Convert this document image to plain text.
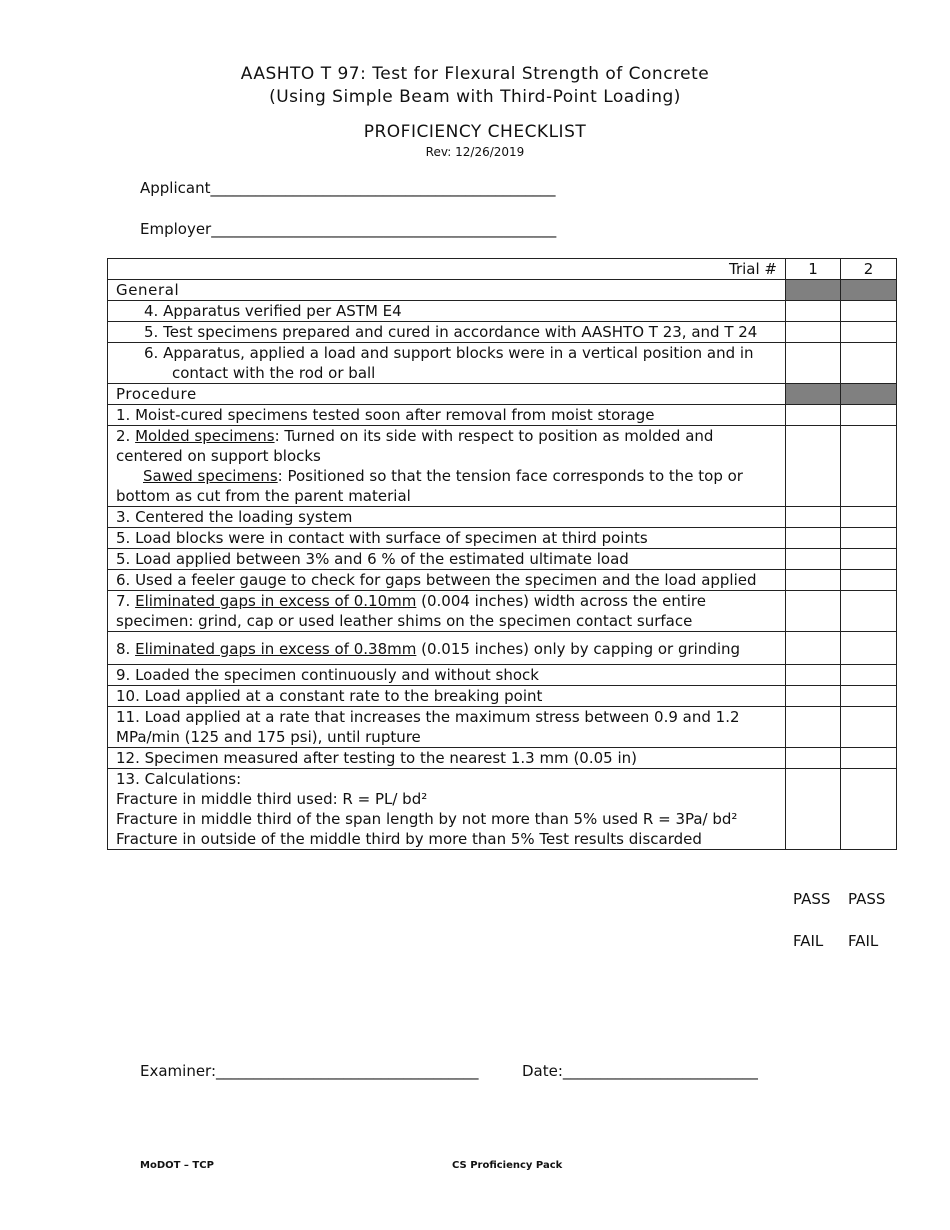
AASHTO T 97: Test for Flexural Strength of Concrete
(Using Simple Beam with Third-Point Loading)
PROFICIENCY CHECKLIST
Rev: 12/26/2019
Applicant______________________________________________
Employer______________________________________________
Trial #	1	2
General		
4. Apparatus verified per ASTM E4		
5. Test specimens prepared and cured in accordance with AASHTO T 23, and T 24		
6. Apparatus, applied a load and support blocks were in a vertical position and in contact with the rod or ball		
Procedure		
1. Moist-cured specimens tested soon after removal from moist storage		
2. Molded specimens: Turned on its side with respect to position as molded and centered on support blocks
Sawed specimens: Positioned so that the tension face corresponds to the top or bottom as cut from the parent material		
3. Centered the loading system		
5. Load blocks were in contact with surface of specimen at third points		
5. Load applied between 3% and 6 % of the estimated ultimate load		
6. Used a feeler gauge to check for gaps between the specimen and the load applied		
7. Eliminated gaps in excess of 0.10mm (0.004 inches) width across the entire specimen: grind, cap or used leather shims on the specimen contact surface		
8. Eliminated gaps in excess of 0.38mm (0.015 inches) only by capping or grinding		
9. Loaded the specimen continuously and without shock		
10. Load applied at a constant rate to the breaking point		
11. Load applied at a rate that increases the maximum stress between 0.9 and 1.2 MPa/min (125 and 175 psi), until rupture		
12. Specimen measured after testing to the nearest 1.3 mm (0.05 in)		

13. Calculations:
Fracture in middle third used: R = PL/ bd²
Fracture in middle third of the span length by not more than 5% used R = 3Pa/ bd²
Fracture in outside of the middle third by more than 5% Test results discarded		

PASS PASS
FAIL FAIL
Examiner:___________________________________	Date:__________________________
MoDOT – TCP	CS Proficiency Pack
